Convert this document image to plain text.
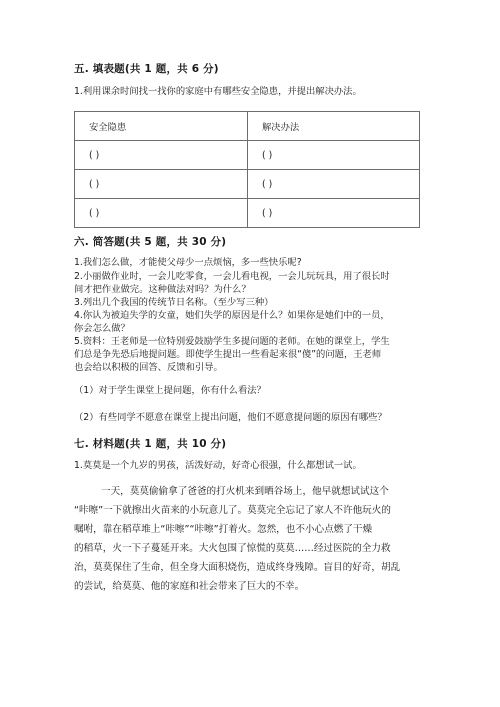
五. 填表题(共 1 题，共 6 分)
1.利用课余时间找一找你的家庭中有哪些安全隐患，并提出解决办法。
安全隐患	解决办法
( )	( )
( )	( )
( )	( )
六. 简答题(共 5 题，共 30 分)
1.我们怎么做，才能使父母少一点烦恼，多一些快乐呢?
2.小丽做作业时，一会儿吃零食，一会儿看电视，一会儿玩玩具，用了很长时
间才把作业做完。这种做法对吗？为什么？
3.列出几个我国的传统节日名称。（至少写三种）
4.你认为被迫失学的女童，她们失学的原因是什么？如果你是她们中的一员，
你会怎么做？
5.资料：王老师是一位特别爱鼓励学生多提问题的老师。在她的课堂上，学生
们总是争先恐后地提问题。即使学生提出一些看起来很“傻”的问题，王老师
也会给以积极的回答、反馈和引导。
（1）对于学生课堂上提问题，你有什么看法？
（2）有些同学不愿意在课堂上提出问题，他们不愿意提问题的原因有哪些？
七. 材料题(共 1 题，共 10 分)
1.莫莫是一个九岁的男孩，活泼好动，好奇心很强，什么都想试一试。
一天，莫莫偷偷拿了爸爸的打火机来到晒谷场上，他早就想试试这个
“咔嚓”一下就擦出火苗来的小玩意儿了。莫莫完全忘记了家人不许他玩火的
嘱咐，靠在稻草堆上“咔嚓”“咔嚓”打着火。忽然，也不小心点燃了干燥
的稻草，火一下子蔓延开来。大火包围了惊慌的莫莫……经过医院的全力救
治，莫莫保住了生命，但全身大面积烧伤，造成终身残障。盲目的好奇，胡乱
的尝试，给莫莫、他的家庭和社会带来了巨大的不幸。
